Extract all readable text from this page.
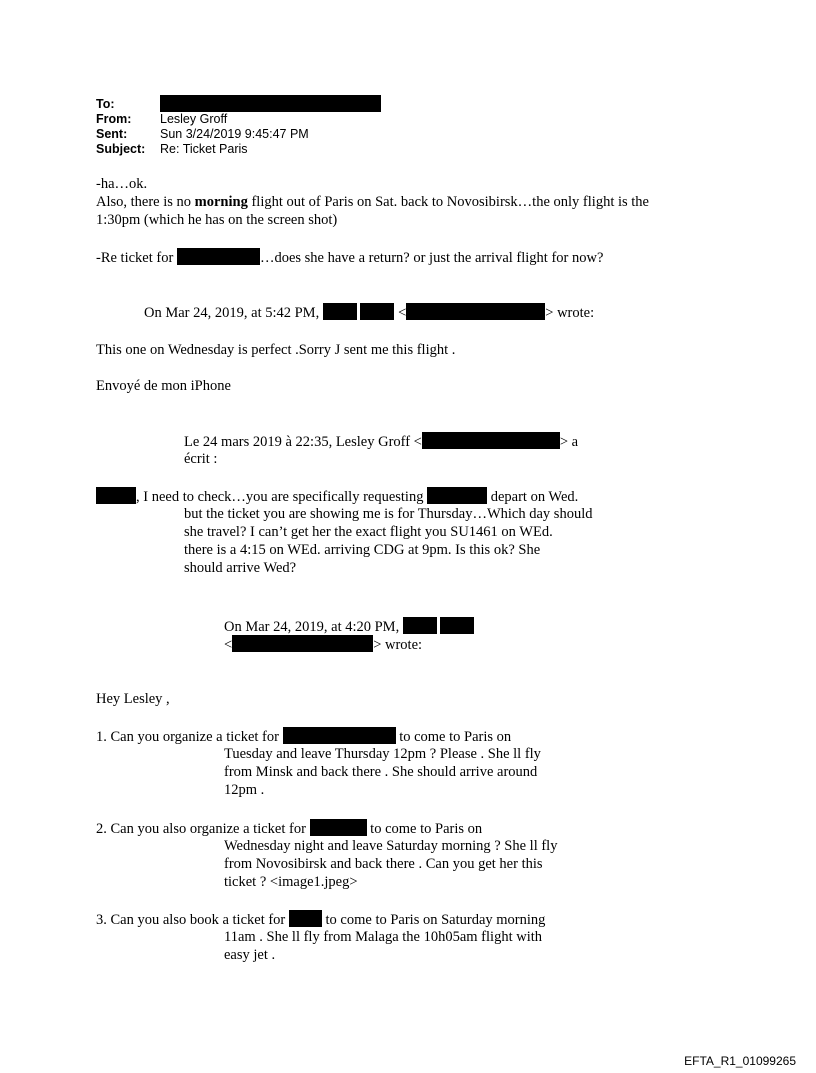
To:
From: Lesley Groff
Sent:	Sun 3/24/2019 9:45:47 PM
Subject: Re: Ticket Paris

-ha…ok.

Also, there is no morning flight out of Paris on Sat. back to Novosibirsk…the only flight is the

1:30pm (which he has on the screen shot)

-Re ticket for	…does she have a return? or just the arrival flight for now?

On Mar 24, 2019, at 5:42 PM,	<	> wrote:

This one on Wednesday is perfect .Sorry J sent me this flight .

Envoyé de mon iPhone

Le 24 mars 2019 à 22:35, Lesley Groff <	> a

écrit :

, I need to check…you are specifically requesting	depart on Wed.

but the ticket you are showing me is for Thursday…Which day should

she travel? I can’t get her the exact flight you SU1461 on WEd.

there is a 4:15 on WEd. arriving CDG at 9pm. Is this ok? She

should arrive Wed?

On Mar 24, 2019, at 4:20 PM,

<	> wrote:

Hey Lesley ,

1. Can you organize a ticket for	to come to Paris on

Tuesday and leave Thursday 12pm ? Please . She ll fly

from Minsk and back there . She should arrive around

12pm .

2. Can you also organize a ticket for	to come to Paris on

Wednesday night and leave Saturday morning ? She ll fly

from Novosibirsk and back there . Can you get her this

ticket ? <image1.jpeg>

3. Can you also book a ticket for  to come to Paris on Saturday morning

11am . She ll fly from Malaga the 10h05am flight with

easy jet .

EFTA_R1_01099265
